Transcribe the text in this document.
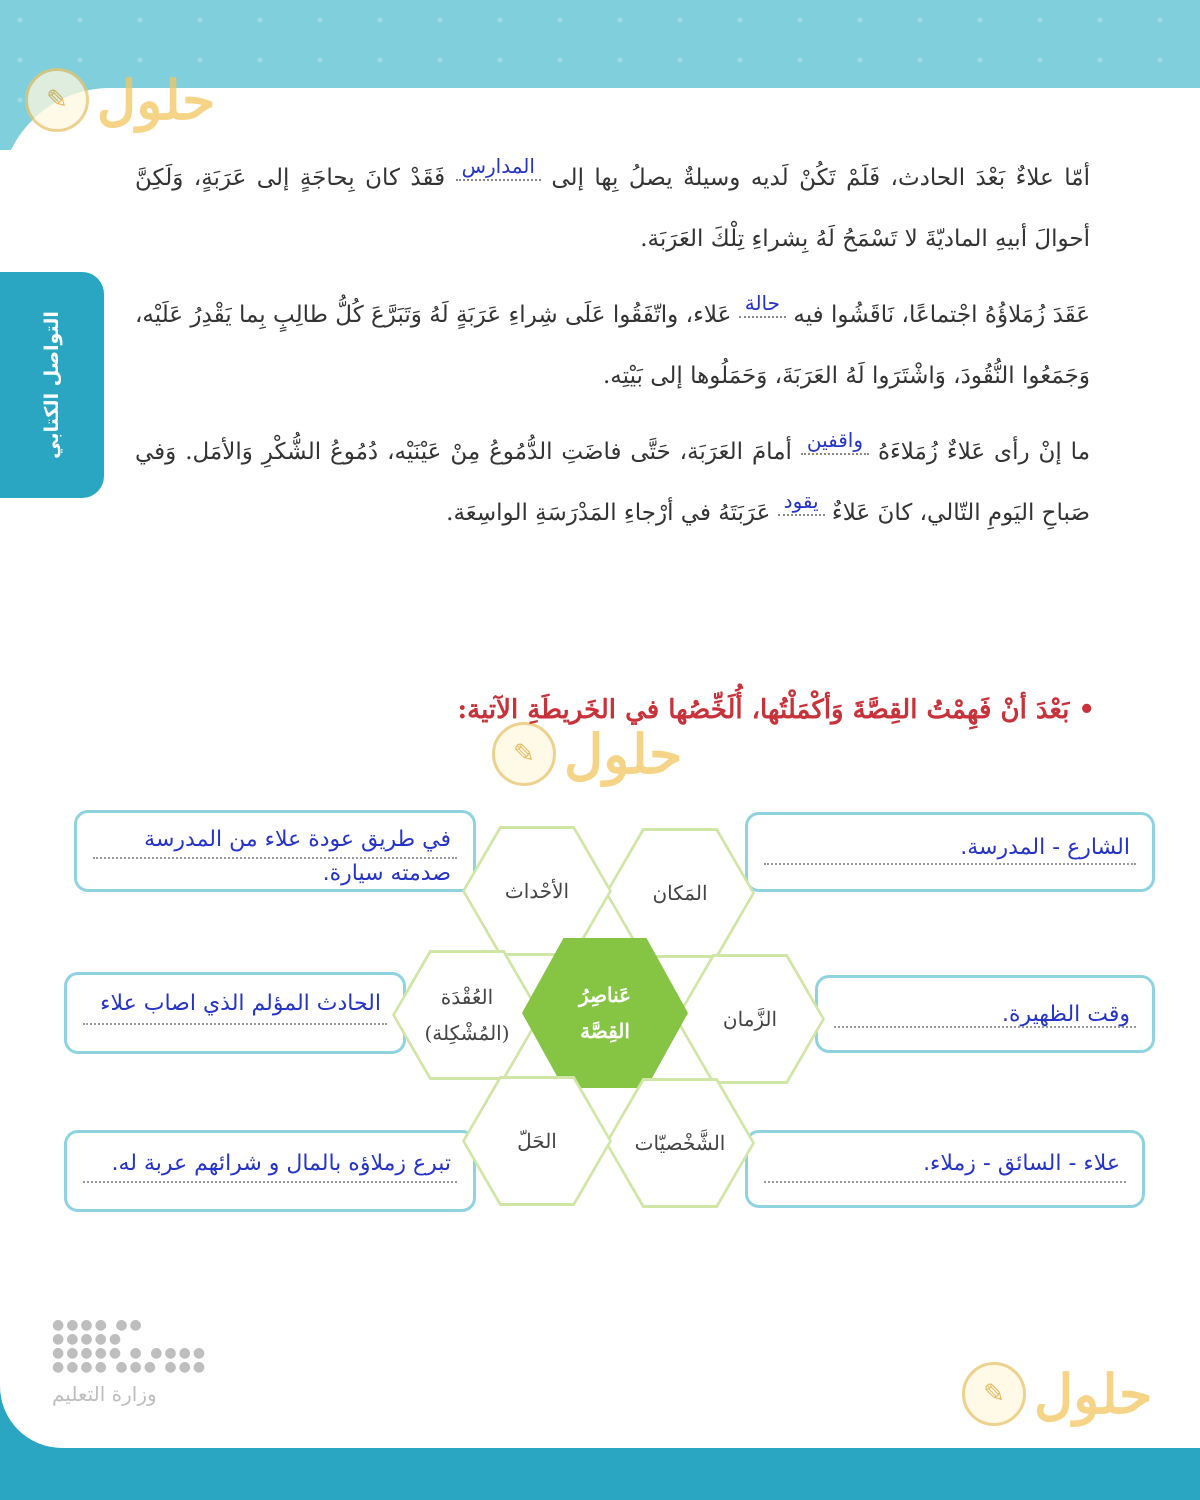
التواصل الكتابي
✎ حلول
✎ حلول
✎ حلول
أمّا علاءٌ بَعْدَ الحادث، فَلَمْ تَكُنْ لَديه وسيلةٌ يصلُ بِها إلى المدارس فَقَدْ كانَ بِحاجَةٍ إلى عَرَبَةٍ، وَلَكِنَّ أحوالَ أبيهِ الماديّةَ لا تَسْمَحُ لَهُ بِشراءِ تِلْكَ العَرَبَة.
عَقَدَ زُمَلاؤُهُ اجْتماعًا، نَاقَشُوا فيه حالة عَلاء، واتّفَقُوا عَلَى شِراءِ عَرَبَةٍ لَهُ وَتَبَرَّعَ كُلُّ طالِبٍ بِما يَقْدِرُ عَلَيْه، وَجَمَعُوا النُّقُودَ، وَاشْتَرَوا لَهُ العَرَبَةَ، وَحَمَلُوها إلى بَيْتِه.
ما إنْ رأى عَلاءٌ زُمَلاءَهُ واقفين أمامَ العَرَبَة، حَتَّى فاضَتِ الدُّمُوعُ مِنْ عَيْنَيْه، دُمُوعُ الشُّكْرِ وَالأمَل. وَفي صَباحِ اليَومِ التّالي، كانَ عَلاءٌ يقود عَرَبَتَهُ في أرْجاءِ المَدْرَسَةِ الواسِعَة.
• بَعْدَ أنْ فَهِمْتُ القِصَّةَ وَأكْمَلْتُها، أُلَخِّصُها في الخَريطَةِ الآتية:
الشارع - المدرسة.
في طريق عودة علاء من المدرسة صدمته سيارة.
وقت الظهيرة.
الحادث المؤلم الذي اصاب علاء
علاء - السائق - زملاء.
تبرع زملاؤه بالمال و شرائهم عربة له.
المَكان
الأحْداث
الزَّمان
العُقْدَة
(المُشْكِلة)
عَناصِرُ
القِصَّة
الشَّخْصيّات
الحَلّ
●●●● ●● ●●●●●
●●●●● ● ●●●●
●●●● ●●● ●●●
وزارة التعليم
١٤٩
